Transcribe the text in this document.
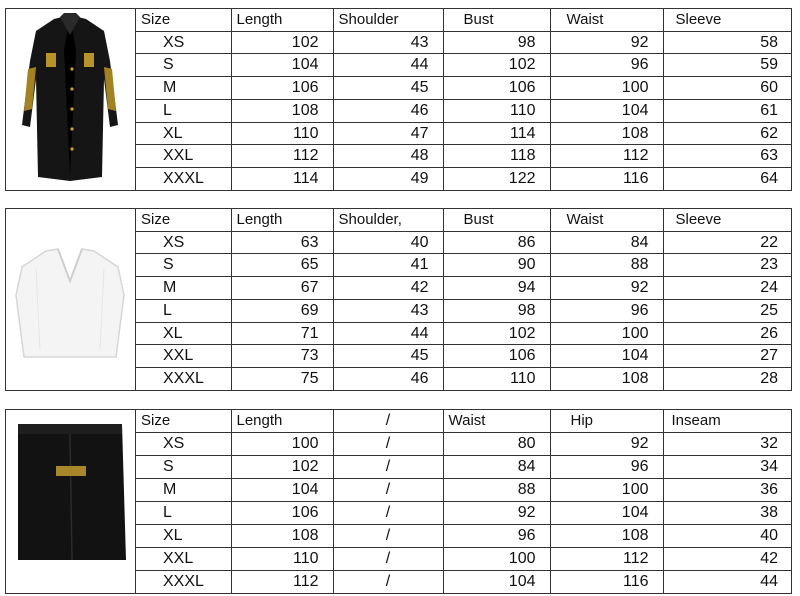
Size	Length	Shoulder	Bust	Waist	Sleeve
XS	102	43	98	92	58
S	104	44	102	96	59
M	106	45	106	100	60
L	108	46	110	104	61
XL	110	47	114	108	62
XXL	112	48	118	112	63
XXXL	114	49	122	116	64
Size	Length	Shoulder,	Bust	Waist	Sleeve
XS	63	40	86	84	22
S	65	41	90	88	23
M	67	42	94	92	24
L	69	43	98	96	25
XL	71	44	102	100	26
XXL	73	45	106	104	27
XXXL	75	46	110	108	28
Size	Length	/	Waist	Hip	Inseam
XS	100	/	80	92	32
S	102	/	84	96	34
M	104	/	88	100	36
L	106	/	92	104	38
XL	108	/	96	108	40
XXL	110	/	100	112	42
XXXL	112	/	104	116	44
